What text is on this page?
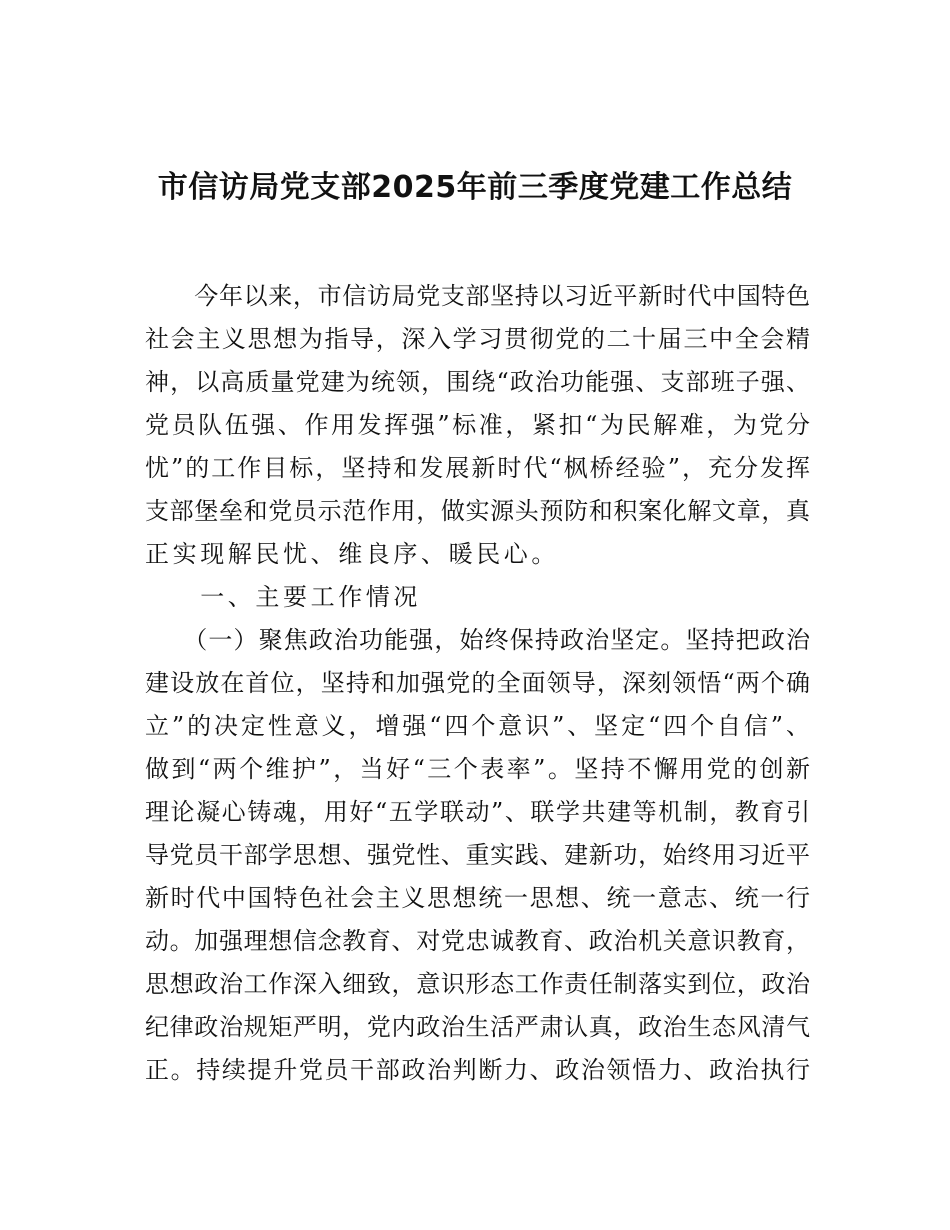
市信访局党支部2025年前三季度党建工作总结
　　今年以来，市信访局党支部坚持以习近平新时代中国特色
社会主义思想为指导，深入学习贯彻党的二十届三中全会精
神，以高质量党建为统领，围绕“政治功能强、支部班子强、
党员队伍强、作用发挥强”标准，紧扣“为民解难，为党分
忧”的工作目标，坚持和发展新时代“枫桥经验”，充分发挥
支部堡垒和党员示范作用，做实源头预防和积案化解文章，真
正实现解民忧、维良序、暖民心。
　　一、主要工作情况
　　（一）聚焦政治功能强，始终保持政治坚定。坚持把政治
建设放在首位，坚持和加强党的全面领导，深刻领悟“两个确
立”的决定性意义，增强“四个意识”、坚定“四个自信”、
做到“两个维护”，当好“三个表率”。坚持不懈用党的创新
理论凝心铸魂，用好“五学联动”、联学共建等机制，教育引
导党员干部学思想、强党性、重实践、建新功，始终用习近平
新时代中国特色社会主义思想统一思想、统一意志、统一行
动。加强理想信念教育、对党忠诚教育、政治机关意识教育，
思想政治工作深入细致，意识形态工作责任制落实到位，政治
纪律政治规矩严明，党内政治生活严肃认真，政治生态风清气
正。持续提升党员干部政治判断力、政治领悟力、政治执行
